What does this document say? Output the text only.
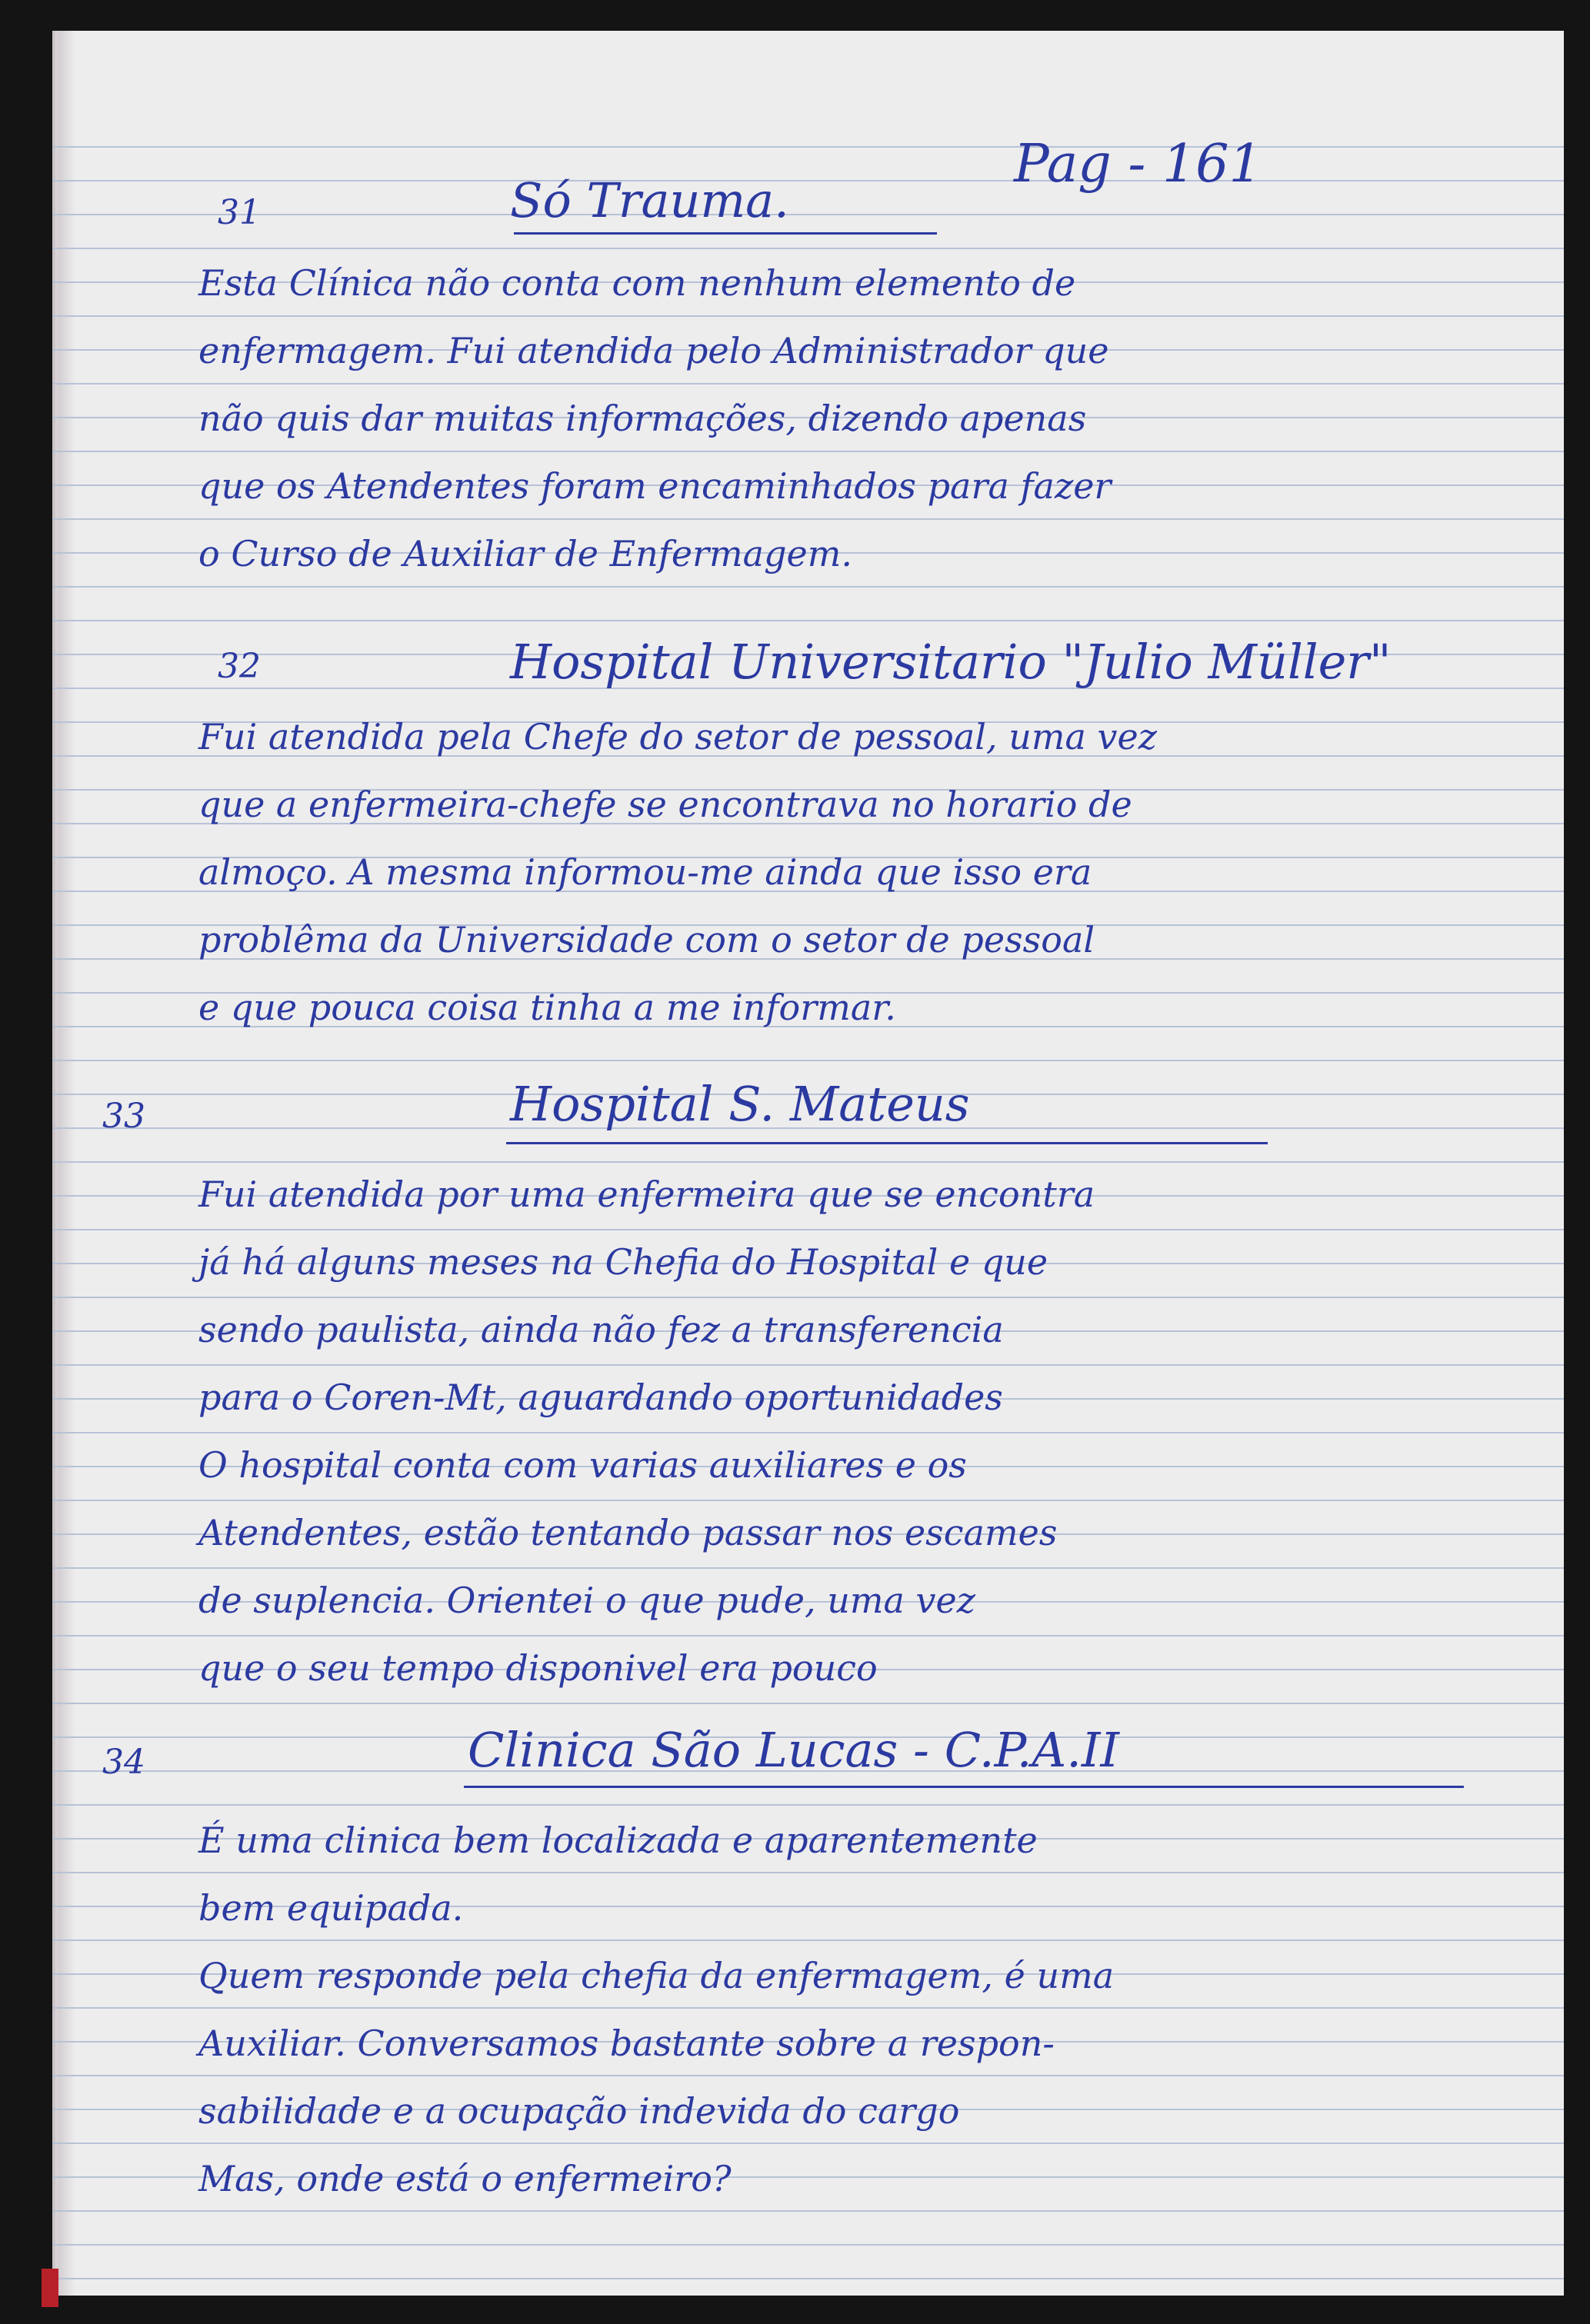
Pag - 161
31	Só Trauma.
Esta Clínica não conta com nenhum elemento de
enfermagem. Fui atendida pelo Administrador que
não quis dar muitas informações, dizendo apenas
que os Atendentes foram encaminhados para fazer
o Curso de Auxiliar de Enfermagem.
32	Hospital Universitario "Julio Müller"
Fui atendida pela Chefe do setor de pessoal, uma vez
que a enfermeira-chefe se encontrava no horario de
almoço. A mesma informou-me ainda que isso era
problêma da Universidade com o setor de pessoal
e que pouca coisa tinha a me informar.
33	Hospital S. Mateus
Fui atendida por uma enfermeira que se encontra
já há alguns meses na Chefia do Hospital e que
sendo paulista, ainda não fez a transferencia
para o Coren-Mt, aguardando oportunidades
O hospital conta com varias auxiliares e os
Atendentes, estão tentando passar nos escames
de suplencia. Orientei o que pude, uma vez
que o seu tempo disponivel era pouco
34	Clinica São Lucas - C.P.A.II
É uma clinica bem localizada e aparentemente
bem equipada.
Quem responde pela chefia da enfermagem, é uma
Auxiliar. Conversamos bastante sobre a respon-
sabilidade e a ocupação indevida do cargo
Mas, onde está o enfermeiro?
